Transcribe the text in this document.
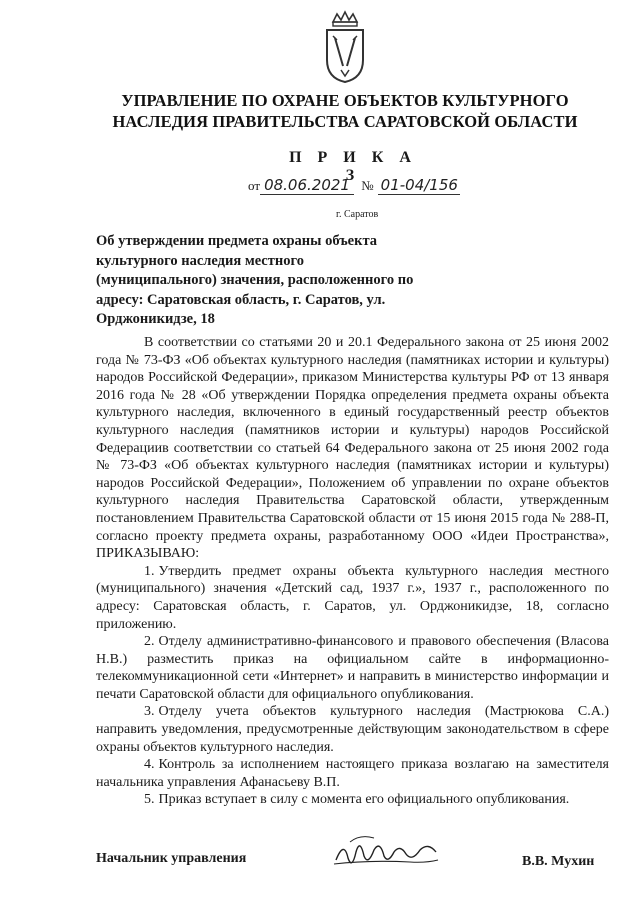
УПРАВЛЕНИЕ ПО ОХРАНЕ ОБЪЕКТОВ КУЛЬТУРНОГО НАСЛЕДИЯ ПРАВИТЕЛЬСТВА САРАТОВСКОЙ ОБЛАСТИ
П Р И К А З
от 08.06.2021 № 01-04/156
г. Саратов
Об утверждении предмета охраны объекта культурного наследия местного (муниципального) значения, расположенного по адресу: Саратовская область, г. Саратов, ул. Орджоникидзе, 18

В соответствии со статьями 20 и 20.1 Федерального закона от 25 июня 2002 года № 73-ФЗ «Об объектах культурного наследия (памятниках истории и культуры) народов Российской Федерации», приказом Министерства культуры РФ от 13 января 2016 года № 28 «Об утверждении Порядка определения предмета охраны объекта культурного наследия, включенного в единый государственный реестр объектов культурного наследия (памятников истории и культуры) народов Российской Федерациив соответствии со статьей 64 Федерального закона от 25 июня 2002 года № 73-ФЗ «Об объектах культурного наследия (памятниках истории и культуры) народов Российской Федерации», Положением об управлении по охране объектов культурного наследия Правительства Саратовской области, утвержденным постановлением Правительства Саратовской области от 15 июня 2015 года № 288-П, согласно проекту предмета охраны, разработанному ООО «Идеи Пространства», ПРИКАЗЫВАЮ:

1. Утвердить предмет охраны объекта культурного наследия местного (муниципального) значения «Детский сад, 1937 г.», 1937 г., расположенного по адресу: Саратовская область, г. Саратов, ул. Орджоникидзе, 18, согласно приложению.
2. Отделу административно-финансового и правового обеспечения (Власова Н.В.) разместить приказ на официальном сайте в информационно-телекоммуникационной сети «Интернет» и направить в министерство информации и печати Саратовской области для официального опубликования.
3. Отделу учета объектов культурного наследия (Мастрюкова С.А.) направить уведомления, предусмотренные действующим законодательством в сфере охраны объектов культурного наследия.
4. Контроль за исполнением настоящего приказа возлагаю на заместителя начальника управления Афанасьеву В.П.
5. Приказ вступает в силу с момента его официального опубликования.
Начальник управления	В.В. Мухин
